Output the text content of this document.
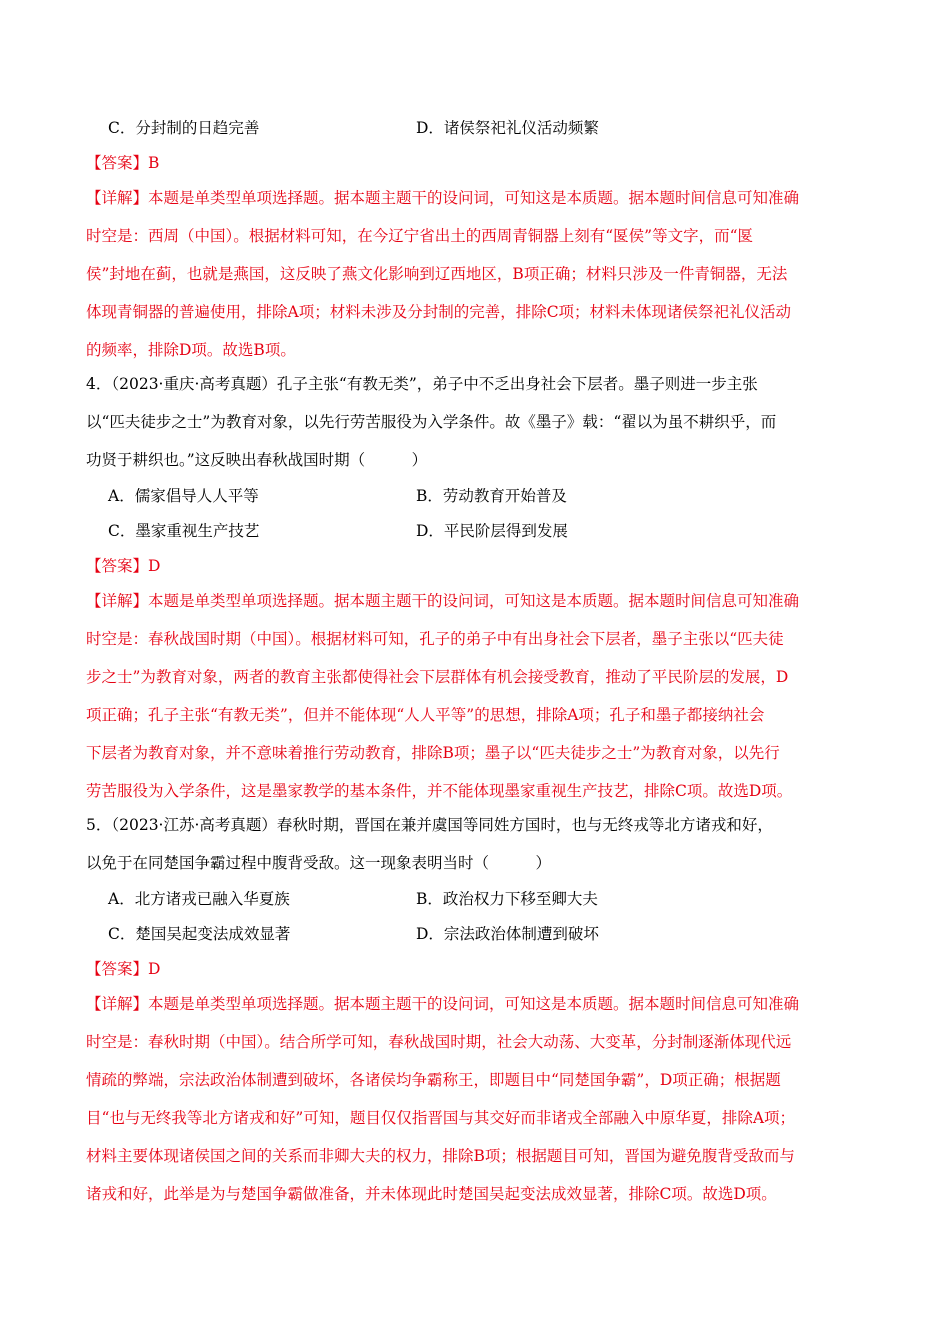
C．分封制的日趋完善	D．诸侯祭祀礼仪活动频繁
【答案】B
【详解】本题是单类型单项选择题。据本题主题干的设问词，可知这是本质题。据本题时间信息可知准确
时空是：西周（中国）。根据材料可知，在今辽宁省出土的西周青铜器上刻有“匽侯”等文字，而“匽
侯”封地在蓟，也就是燕国，这反映了燕文化影响到辽西地区，B项正确；材料只涉及一件青铜器，无法
体现青铜器的普遍使用，排除A项；材料未涉及分封制的完善，排除C项；材料未体现诸侯祭祀礼仪活动
的频率，排除D项。故选B项。
4．（2023·重庆·高考真题）孔子主张“有教无类”，弟子中不乏出身社会下层者。墨子则进一步主张
以“匹夫徒步之士”为教育对象，以先行劳苦服役为入学条件。故《墨子》载：“翟以为虽不耕织乎，而
功贤于耕织也。”这反映出春秋战国时期（　　　）
A．儒家倡导人人平等	B．劳动教育开始普及
C．墨家重视生产技艺	D．平民阶层得到发展
【答案】D
【详解】本题是单类型单项选择题。据本题主题干的设问词，可知这是本质题。据本题时间信息可知准确
时空是：春秋战国时期（中国）。根据材料可知，孔子的弟子中有出身社会下层者，墨子主张以“匹夫徒
步之士”为教育对象，两者的教育主张都使得社会下层群体有机会接受教育，推动了平民阶层的发展，D
项正确；孔子主张“有教无类”，但并不能体现“人人平等”的思想，排除A项；孔子和墨子都接纳社会
下层者为教育对象，并不意味着推行劳动教育，排除B项；墨子以“匹夫徒步之士”为教育对象，以先行
劳苦服役为入学条件，这是墨家教学的基本条件，并不能体现墨家重视生产技艺，排除C项。故选D项。
5．（2023·江苏·高考真题）春秋时期，晋国在兼并虞国等同姓方国时，也与无终戎等北方诸戎和好，
以免于在同楚国争霸过程中腹背受敌。这一现象表明当时（　　　）
A．北方诸戎已融入华夏族	B．政治权力下移至卿大夫
C．楚国吴起变法成效显著	D．宗法政治体制遭到破坏
【答案】D
【详解】本题是单类型单项选择题。据本题主题干的设问词，可知这是本质题。据本题时间信息可知准确
时空是：春秋时期（中国）。结合所学可知，春秋战国时期，社会大动荡、大变革，分封制逐渐体现代远
情疏的弊端，宗法政治体制遭到破坏，各诸侯均争霸称王，即题目中“同楚国争霸”，D项正确；根据题
目“也与无终我等北方诸戎和好”可知，题目仅仅指晋国与其交好而非诸戎全部融入中原华夏，排除A项；
材料主要体现诸侯国之间的关系而非卿大夫的权力，排除B项；根据题目可知，晋国为避免腹背受敌而与
诸戎和好，此举是为与楚国争霸做准备，并未体现此时楚国吴起变法成效显著，排除C项。故选D项。
